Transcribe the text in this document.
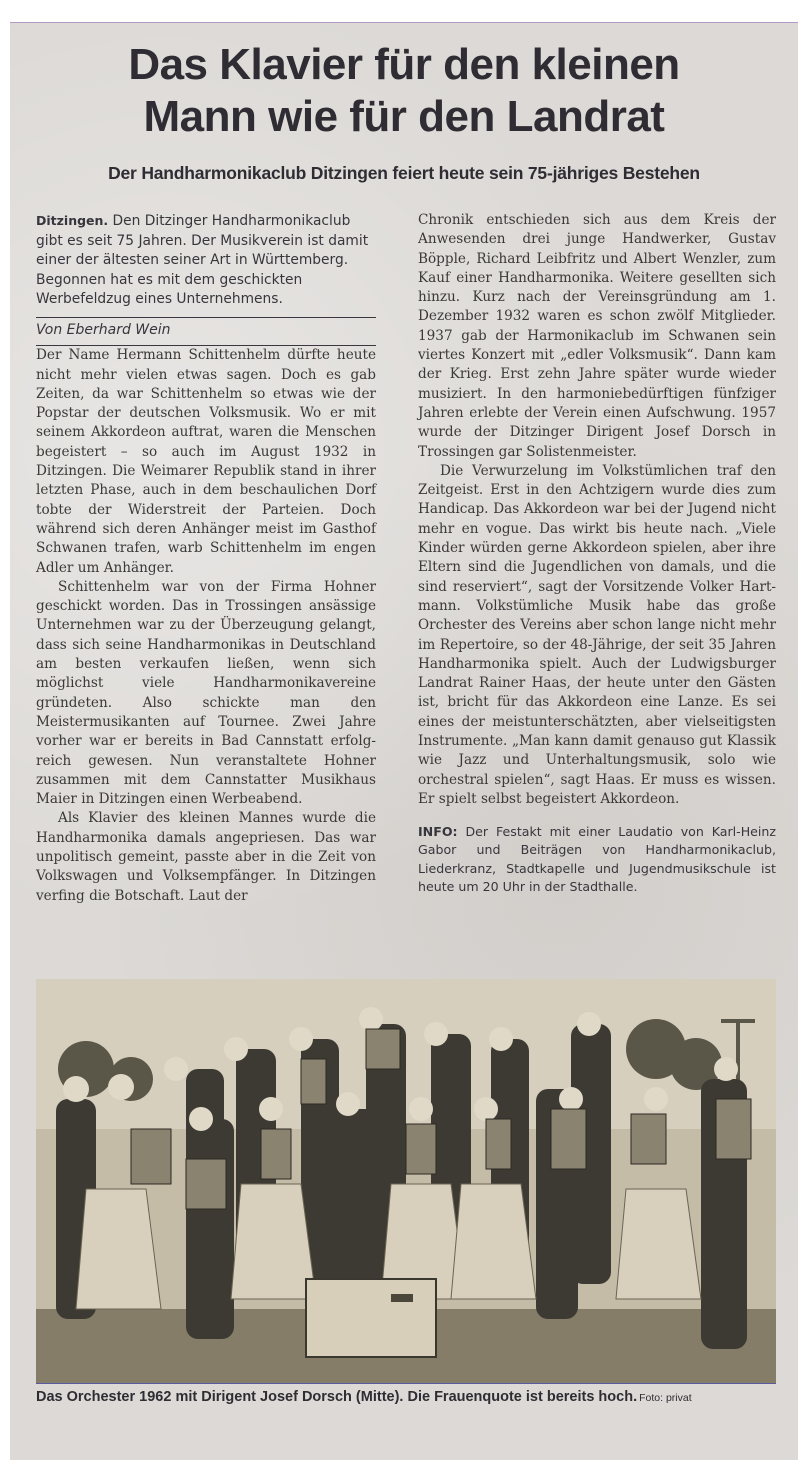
Das Klavier für den kleinen
Mann wie für den Landrat
Der Handharmonikaclub Ditzingen feiert heute sein 75-jähriges Bestehen

Ditzingen. Den Ditzinger Handharmonikaclub gibt es seit 75 Jahren. Der Musikverein ist damit einer der ältesten seiner Art in Württemberg. Begonnen hat es mit dem geschickten Werbefeldzug eines Unternehmens.

Von Eberhard Wein

Der Name Hermann Schittenhelm dürfte heute nicht mehr vielen etwas sagen. Doch es gab Zeiten, da war Schittenhelm so etwas wie der Popstar der deutschen Volksmusik. Wo er mit seinem Akkordeon auftrat, waren die Menschen begeistert – so auch im August 1932 in Ditzingen. Die Weimarer Republik stand in ihrer letzten Phase, auch in dem beschaulichen Dorf tobte der Widerstreit der Parteien. Doch während sich deren Anhänger meist im Gasthof Schwanen trafen, warb Schittenhelm im engen Adler um Anhänger.

Schittenhelm war von der Firma Hohner geschickt worden. Das in Trossingen ansässige Unternehmen war zu der Überzeugung gelangt, dass sich seine Handharmonikas in Deutschland am besten verkaufen ließen, wenn sich möglichst viele Handharmonikavereine gründeten. Also schickte man den Meistermusikanten auf Tournee. Zwei Jahre vorher war er bereits in Bad Cannstatt erfolgreich gewesen. Nun veranstaltete Hohner zusammen mit dem Cannstatter Musikhaus Maier in Ditzingen einen Werbeabend.

Als Klavier des kleinen Mannes wurde die Handharmonika damals angepriesen. Das war unpolitisch gemeint, passte aber in die Zeit von Volkswagen und Volksempfänger. In Ditzingen verfing die Botschaft. Laut der

Chronik entschieden sich aus dem Kreis der Anwesenden drei junge Handwerker, Gustav Böpple, Richard Leibfritz und Albert Wenzler, zum Kauf einer Handharmonika. Weitere gesellten sich hinzu. Kurz nach der Vereinsgründung am 1. Dezember 1932 waren es schon zwölf Mitglieder. 1937 gab der Harmonikaclub im Schwanen sein viertes Konzert mit „edler Volksmusik“. Dann kam der Krieg. Erst zehn Jahre später wurde wieder musiziert. In den harmoniebedürftigen fünfziger Jahren erlebte der Verein einen Aufschwung. 1957 wurde der Ditzinger Dirigent Josef Dorsch in Trossingen gar Solistenmeister.

Die Verwurzelung im Volkstümlichen traf den Zeitgeist. Erst in den Achtzigern wurde dies zum Handicap. Das Akkordeon war bei der Jugend nicht mehr en vogue. Das wirkt bis heute nach. „Viele Kinder würden gerne Akkordeon spielen, aber ihre Eltern sind die Jugendlichen von damals, und die sind reserviert“, sagt der Vorsitzende Volker Hartmann. Volkstümliche Musik habe das große Orchester des Vereins aber schon lange nicht mehr im Repertoire, so der 48-Jährige, der seit 35 Jahren Handharmonika spielt. Auch der Ludwigsburger Landrat Rainer Haas, der heute unter den Gästen ist, bricht für das Akkordeon eine Lanze. Es sei eines der meistunterschätzten, aber vielseitigsten Instrumente. „Man kann damit genauso gut Klassik wie Jazz und Unterhaltungsmusik, solo wie orchestral spielen“, sagt Haas. Er muss es wissen. Er spielt selbst begeistert Akkordeon.

INFO: Der Festakt mit einer Laudatio von Karl-Heinz Gabor und Beiträgen von Handharmonikaclub, Liederkranz, Stadtkapelle und Jugendmusikschule ist heute um 20 Uhr in der Stadthalle.

Das Orchester 1962 mit Dirigent Josef Dorsch (Mitte). Die Frauenquote ist bereits hoch. Foto: privat
